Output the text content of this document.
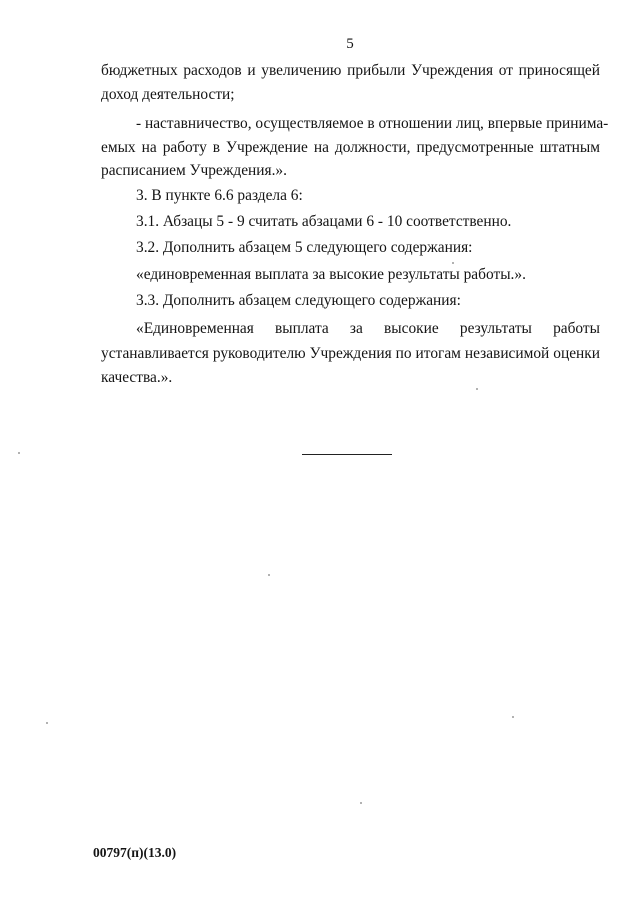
5
бюджетных расходов и увеличению прибыли Учреждения от приносящей
доход деятельности;
- наставничество, осуществляемое в отношении лиц, впервые принима-
емых на работу в Учреждение на должности, предусмотренные штатным
расписанием Учреждения.».
3. В пункте 6.6 раздела 6:
3.1. Абзацы 5 - 9 считать абзацами 6 - 10 соответственно.
3.2. Дополнить абзацем 5 следующего содержания:
«единовременная выплата за высокие результаты работы.».
3.3. Дополнить абзацем следующего содержания:
«Единовременная выплата за высокие результаты работы
устанавливается руководителю Учреждения по итогам независимой оценки
качества.».
00797(п)(13.0)
